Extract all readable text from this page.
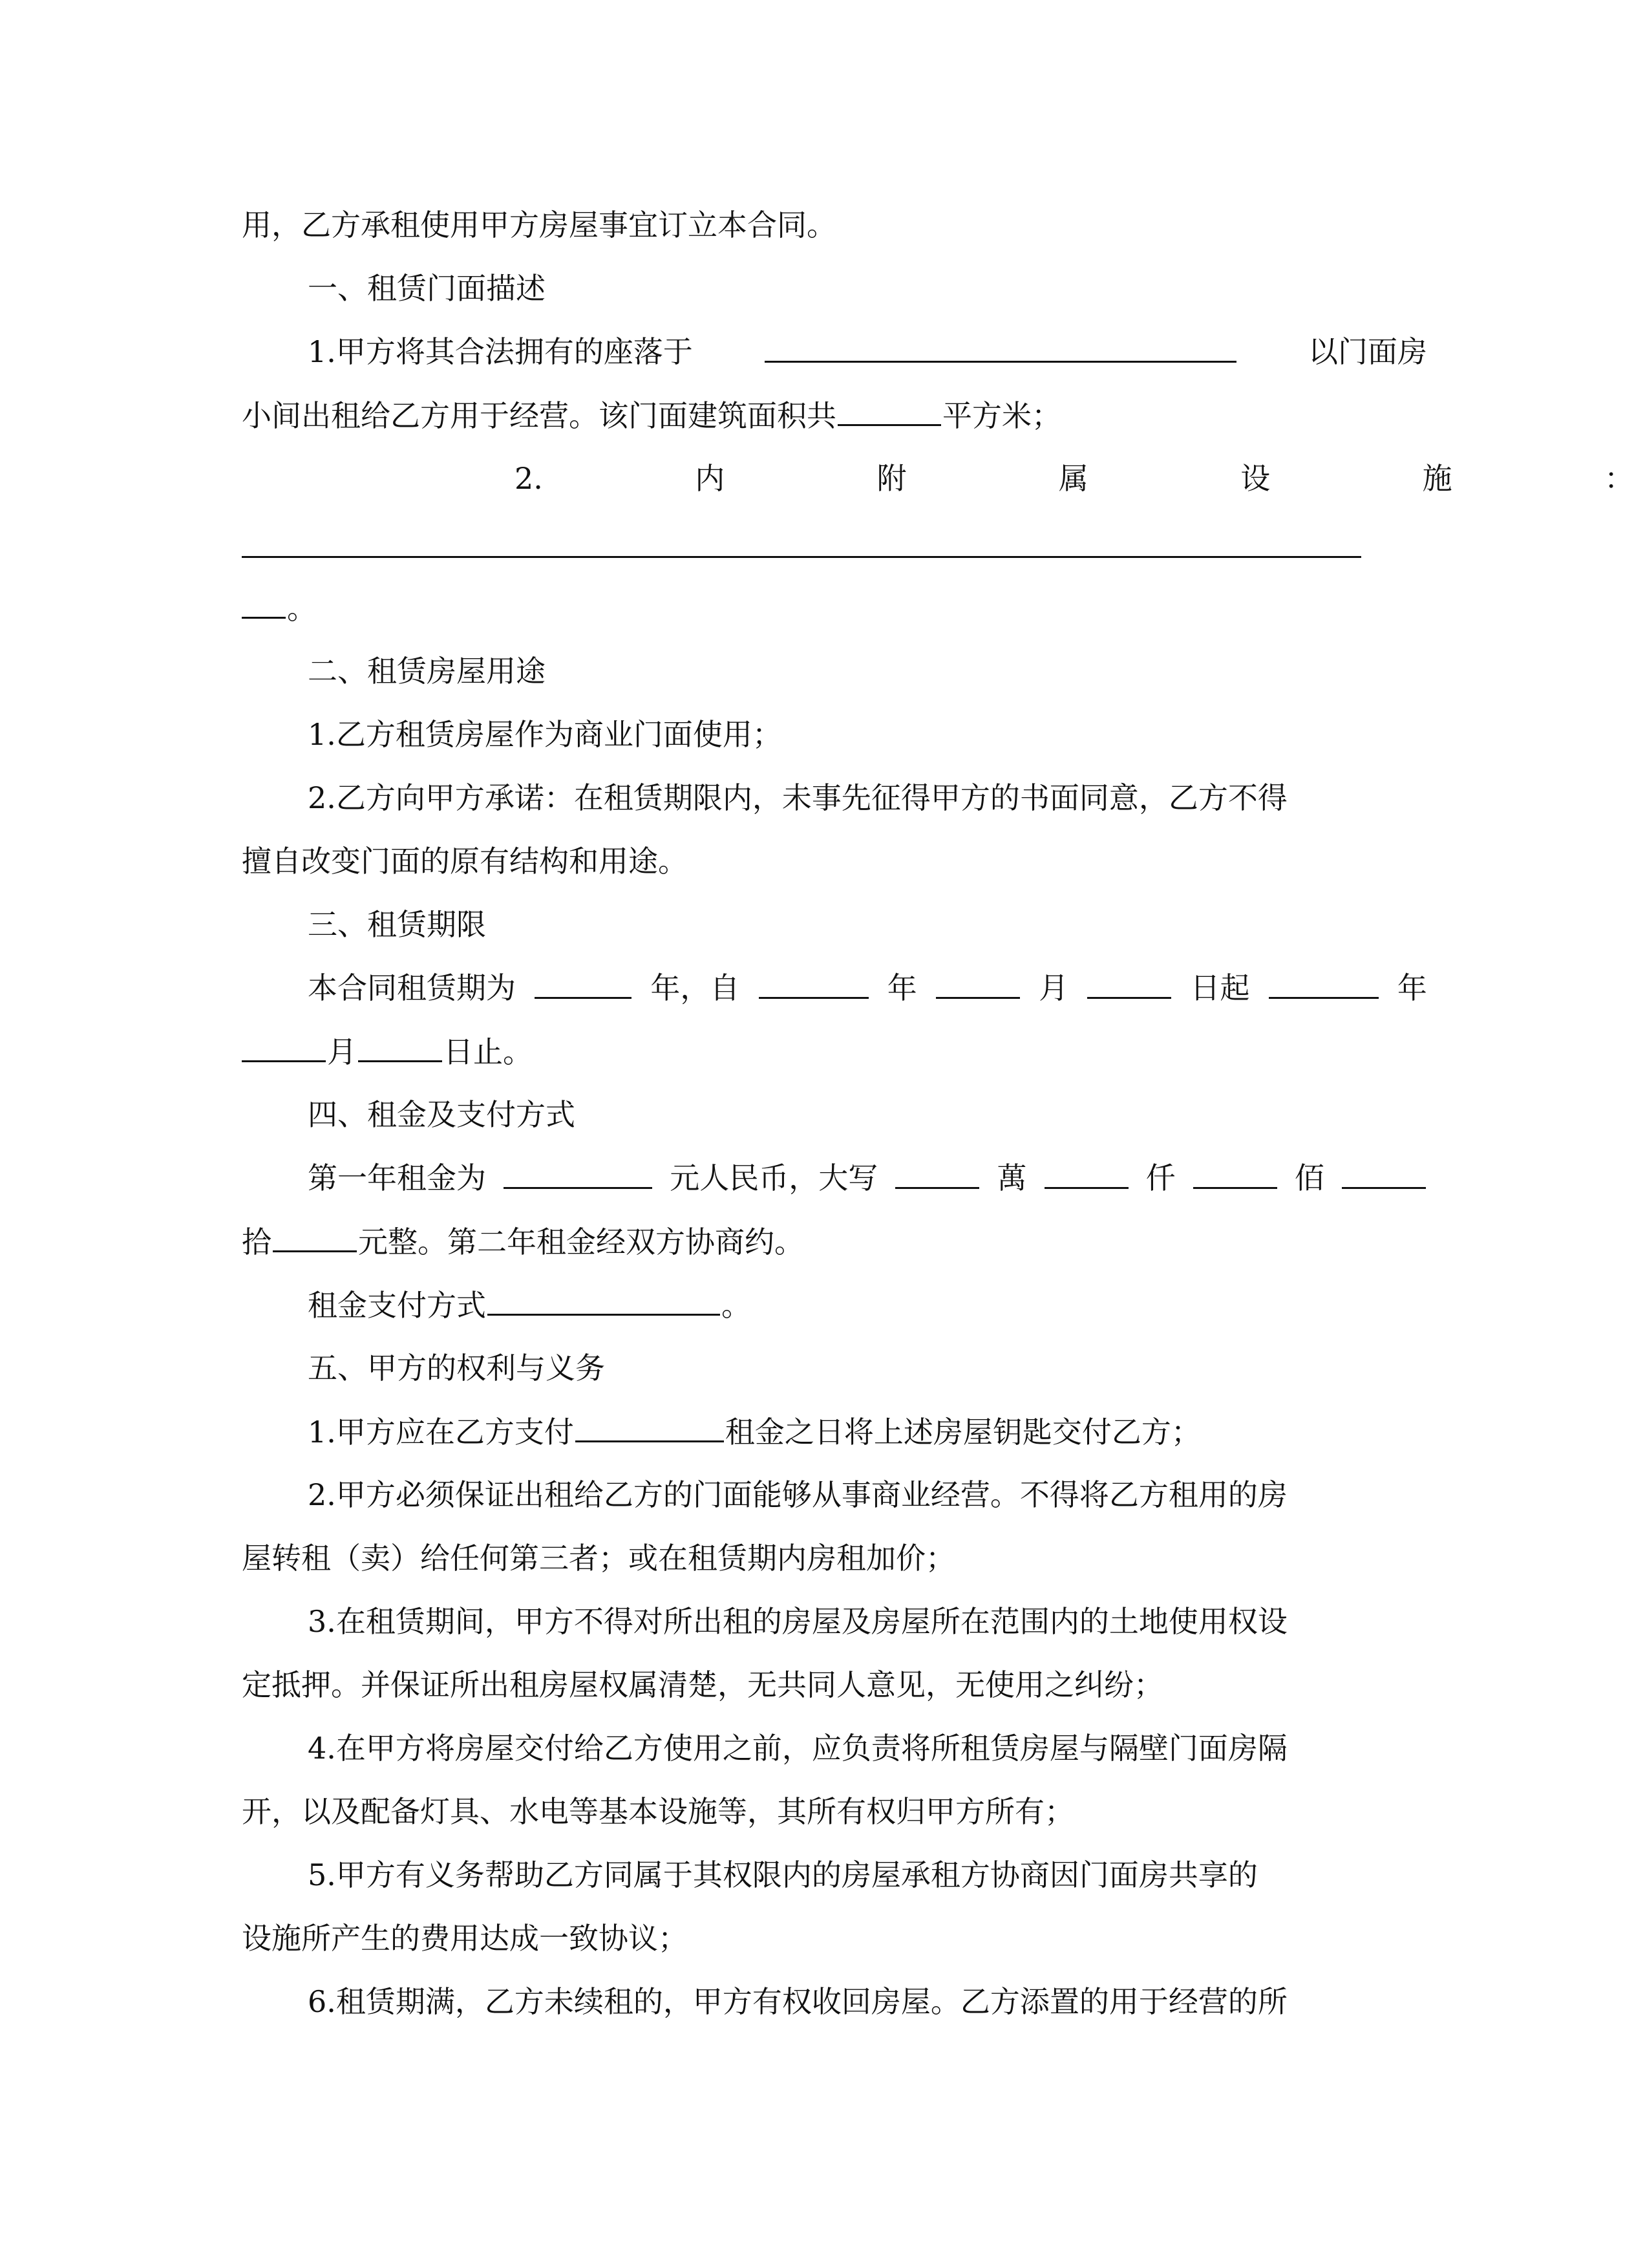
用，乙方承租使用甲方房屋事宜订立本合同。
一、租赁门面描述
1.甲方将其合法拥有的座落于	以门面房
小间出租给乙方用于经营。该门面建筑面积共	平方米；
2.	内	附	属	设	施	：
。
二、租赁房屋用途
1.乙方租赁房屋作为商业门面使用；
2.乙方向甲方承诺：在租赁期限内，未事先征得甲方的书面同意，乙方不得
擅自改变门面的原有结构和用途。
三、租赁期限
本合同租赁期为	年，自	年	月	日起	年
月	日止。
四、租金及支付方式
第一年租金为	元人民币，大写	萬	仟	佰
拾	元整。第二年租金经双方协商约。
租金支付方式	。
五、甲方的权利与义务
1.甲方应在乙方支付	租金之日将上述房屋钥匙交付乙方；
2.甲方必须保证出租给乙方的门面能够从事商业经营。不得将乙方租用的房
屋转租（卖）给任何第三者；或在租赁期内房租加价；
3.在租赁期间，甲方不得对所出租的房屋及房屋所在范围内的土地使用权设
定抵押。并保证所出租房屋权属清楚，无共同人意见，无使用之纠纷；
4.在甲方将房屋交付给乙方使用之前，应负责将所租赁房屋与隔壁门面房隔
开，以及配备灯具、水电等基本设施等，其所有权归甲方所有；
5.甲方有义务帮助乙方同属于其权限内的房屋承租方协商因门面房共享的
设施所产生的费用达成一致协议；
6.租赁期满，乙方未续租的，甲方有权收回房屋。乙方添置的用于经营的所
